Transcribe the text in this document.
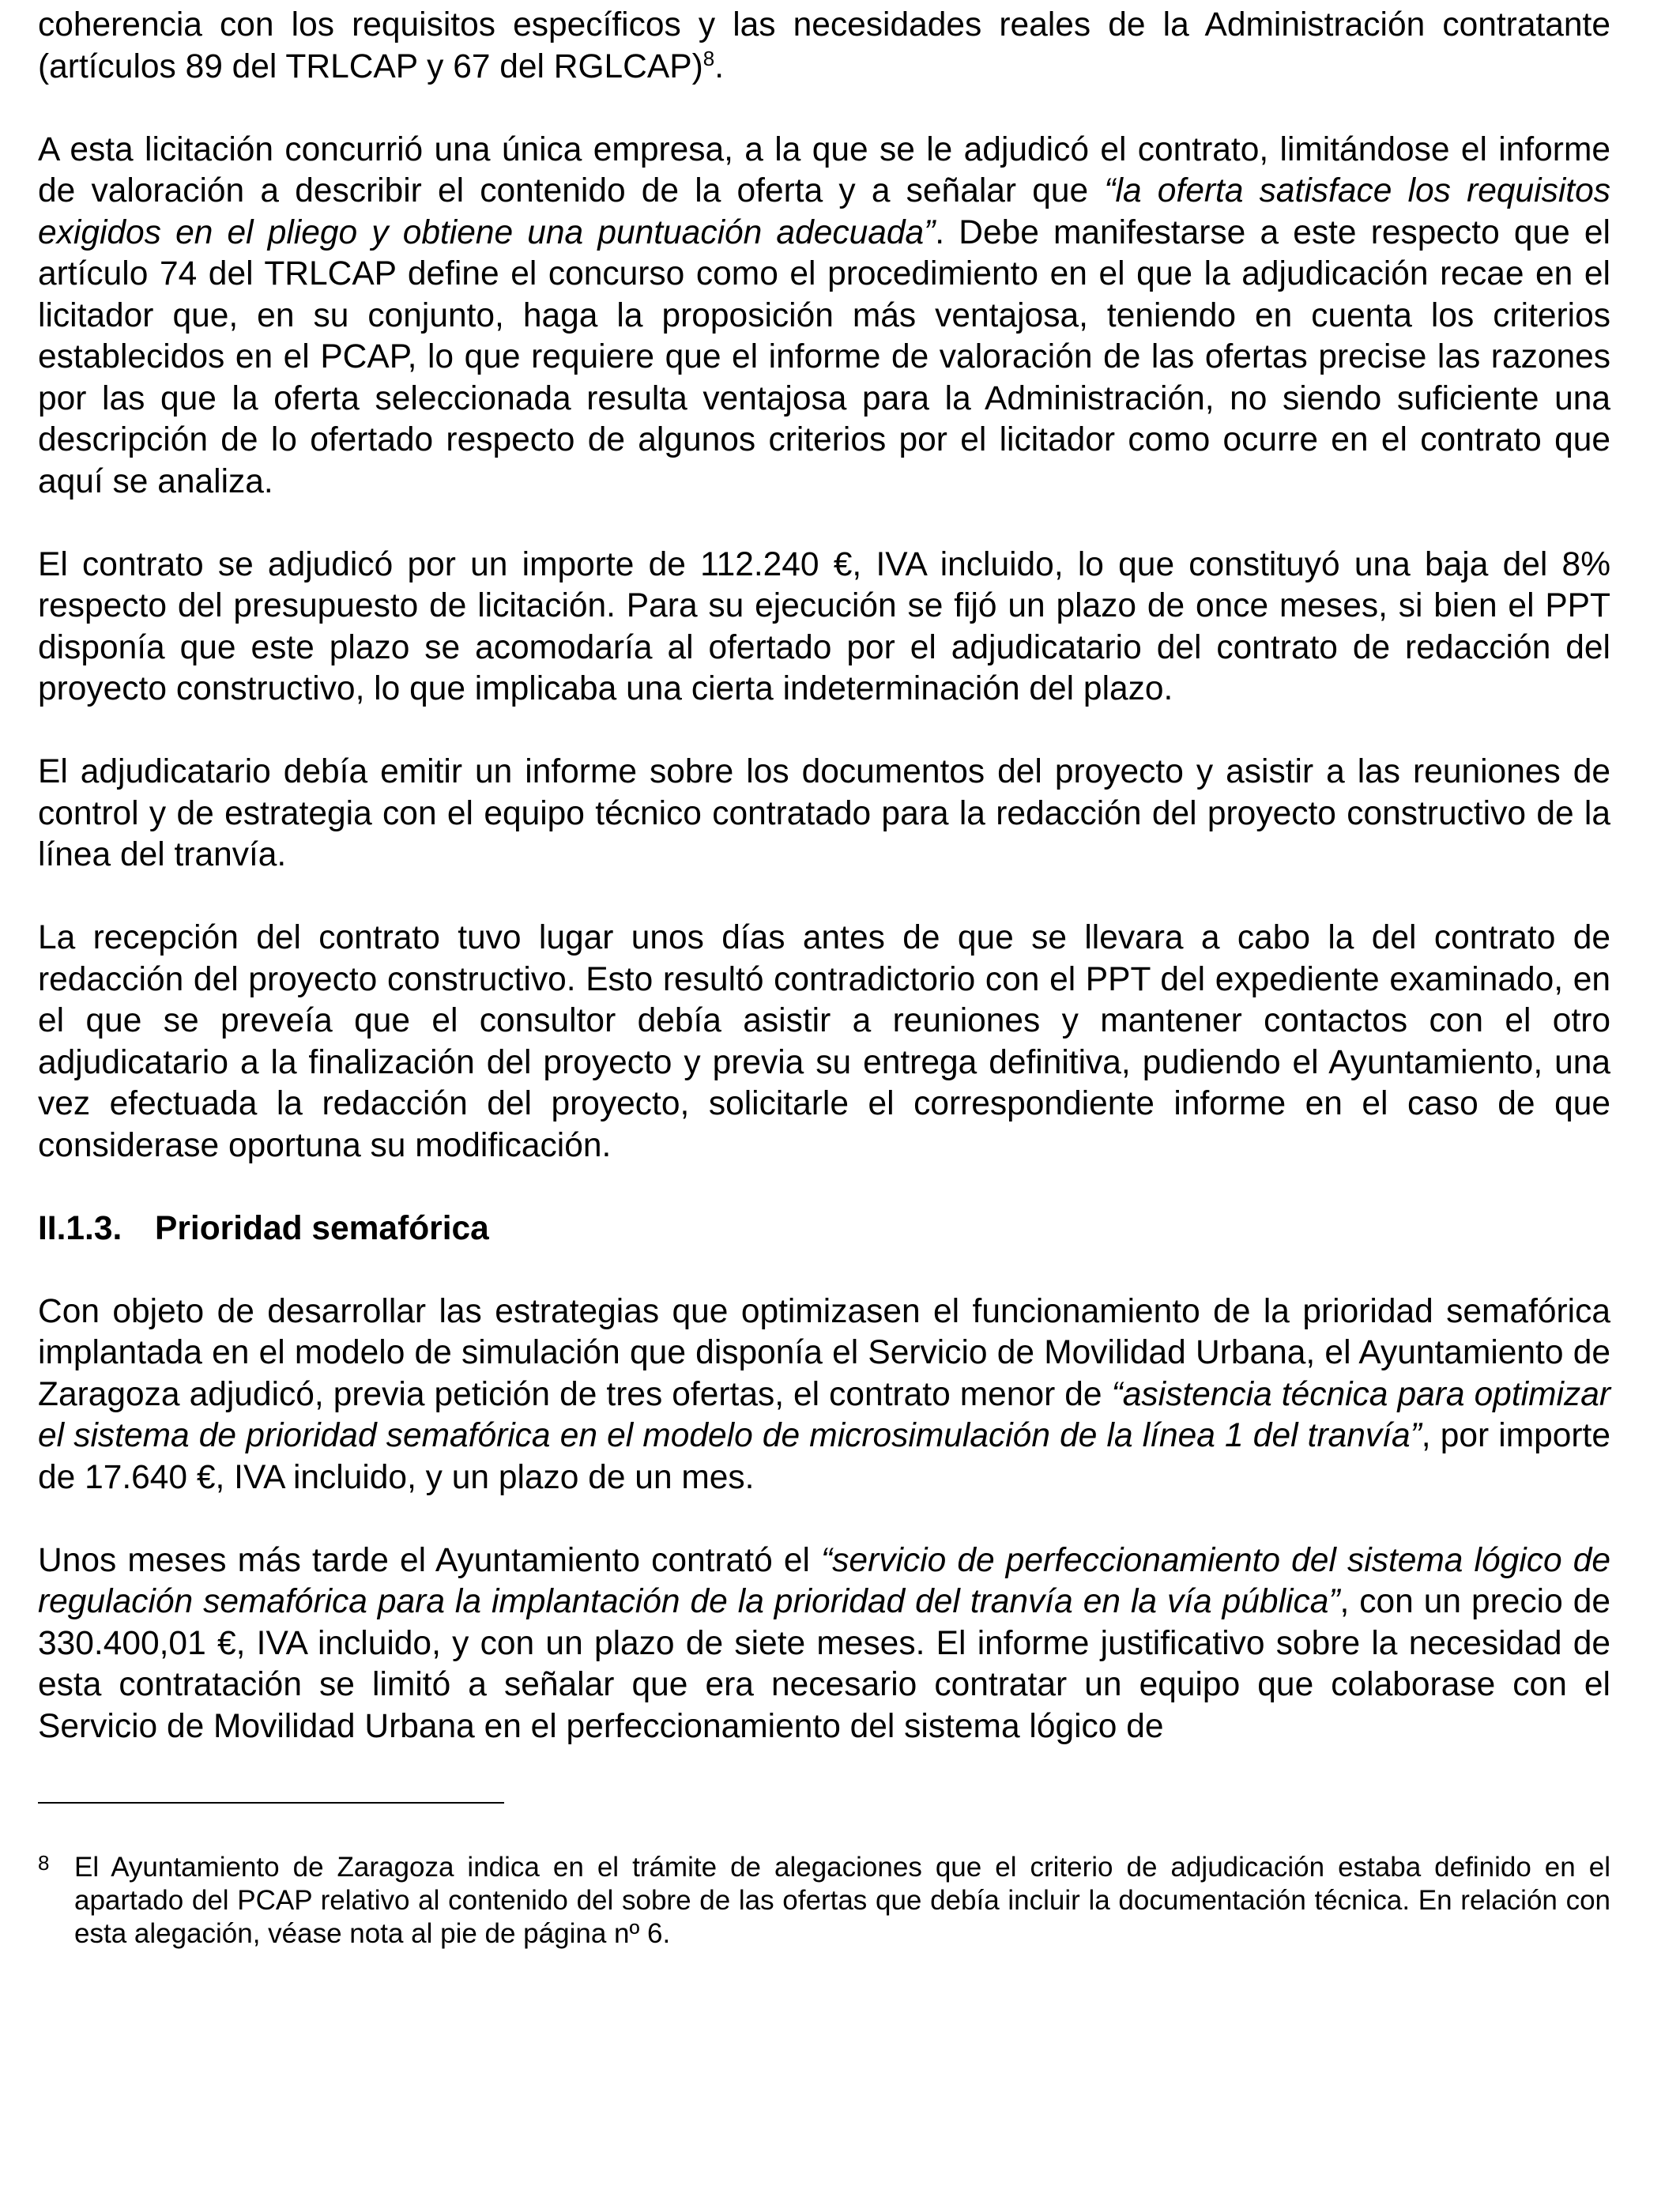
coherencia con los requisitos específicos y las necesidades reales de la Administración contratante (artículos 89 del TRLCAP y 67 del RGLCAP)$^8$.

A esta licitación concurrió una única empresa, a la que se le adjudicó el contrato, limitándose el informe de valoración a describir el contenido de la oferta y a señalar que “la oferta satisface los requisitos exigidos en el pliego y obtiene una puntuación adecuada”. Debe manifestarse a este respecto que el artículo 74 del TRLCAP define el concurso como el procedimiento en el que la adjudicación recae en el licitador que, en su conjunto, haga la proposición más ventajosa, teniendo en cuenta los criterios establecidos en el PCAP, lo que requiere que el informe de valoración de las ofertas precise las razones por las que la oferta seleccionada resulta ventajosa para la Administración, no siendo suficiente una descripción de lo ofertado respecto de algunos criterios por el licitador como ocurre en el contrato que aquí se analiza.

El contrato se adjudicó por un importe de 112.240 €, IVA incluido, lo que constituyó una baja del 8% respecto del presupuesto de licitación. Para su ejecución se fijó un plazo de once meses, si bien el PPT disponía que este plazo se acomodaría al ofertado por el adjudicatario del contrato de redacción del proyecto constructivo, lo que implicaba una cierta indeterminación del plazo.

El adjudicatario debía emitir un informe sobre los documentos del proyecto y asistir a las reuniones de control y de estrategia con el equipo técnico contratado para la redacción del proyecto constructivo de la línea del tranvía.

La recepción del contrato tuvo lugar unos días antes de que se llevara a cabo la del contrato de redacción del proyecto constructivo. Esto resultó contradictorio con el PPT del expediente examinado, en el que se preveía que el consultor debía asistir a reuniones y mantener contactos con el otro adjudicatario a la finalización del proyecto y previa su entrega definitiva, pudiendo el Ayuntamiento, una vez efectuada la redacción del proyecto, solicitarle el correspondiente informe en el caso de que considerase oportuna su modificación.

II.1.3. Prioridad semafórica

Con objeto de desarrollar las estrategias que optimizasen el funcionamiento de la prioridad semafórica implantada en el modelo de simulación que disponía el Servicio de Movilidad Urbana, el Ayuntamiento de Zaragoza adjudicó, previa petición de tres ofertas, el contrato menor de “asistencia técnica para optimizar el sistema de prioridad semafórica en el modelo de microsimulación de la línea 1 del tranvía”, por importe de 17.640 €, IVA incluido, y un plazo de un mes.

Unos meses más tarde el Ayuntamiento contrató el “servicio de perfeccionamiento del sistema lógico de regulación semafórica para la implantación de la prioridad del tranvía en la vía pública”, con un precio de 330.400,01 €, IVA incluido, y con un plazo de siete meses. El informe justificativo sobre la necesidad de esta contratación se limitó a señalar que era necesario contratar un equipo que colaborase con el Servicio de Movilidad Urbana en el perfeccionamiento del sistema lógico de

8 El Ayuntamiento de Zaragoza indica en el trámite de alegaciones que el criterio de adjudicación estaba definido en el apartado del PCAP relativo al contenido del sobre de las ofertas que debía incluir la documentación técnica. En relación con esta alegación, véase nota al pie de página nº 6.
